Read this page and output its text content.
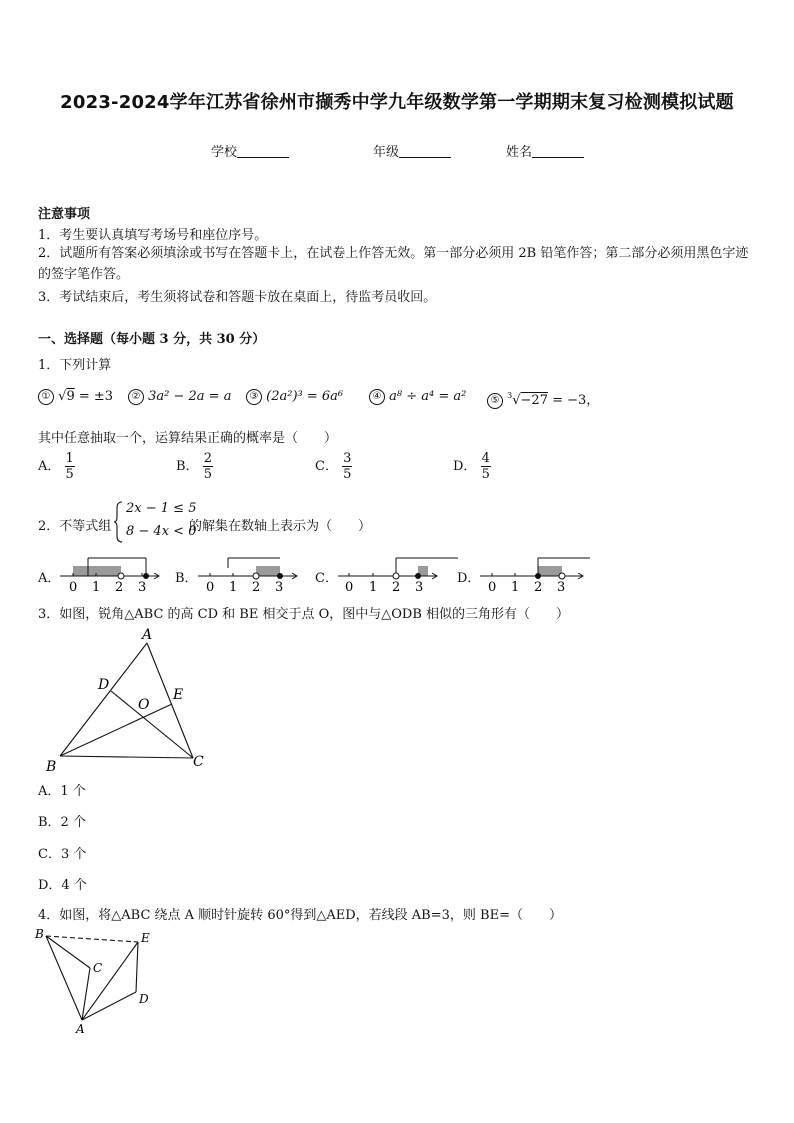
2023-2024学年江苏省徐州市撷秀中学九年级数学第一学期期末复习检测模拟试题
学校	年级	姓名
注意事项
1．考生要认真填写考场号和座位序号。
2．试题所有答案必须填涂或书写在答题卡上，在试卷上作答无效。第一部分必须用 2B 铅笔作答；第二部分必须用黑色字迹的签字笔作答。
3．考试结束后，考生须将试卷和答题卡放在桌面上，待监考员收回。
一、选择题（每小题 3 分，共 30 分）
1．下列计算
① √9 = ±3	② 3a² − 2a = a	③ (2a²)³ = 6a⁶	④ a⁸ ÷ a⁴ = a²	⑤ $^3$√−27 = −3，
其中任意抽取一个，运算结果正确的概率是（　　）
A． $\frac{1}{5}$	B． $\frac{2}{5}$	C． $\frac{3}{5}$	D． $\frac{4}{5}$
2．不等式组
2x − 1 ≤ 5
8 − 4x < 0
的解集在数轴上表示为（　　）
A．
0 1 2 3
B．
0 1 2 3
C．
0 1 2 3
D．
0 1 2 3
3．如图，锐角△ABC 的高 CD 和 BE 相交于点 O，图中与△ODB 相似的三角形有（　　）
A
B	C
D
E
O
A．1 个
B．2 个
C．3 个
D．4 个
4．如图，将△ABC 绕点 A 顺时针旋转 60°得到△AED，若线段 AB=3，则 BE=（　　）
B	E
C
D
A
